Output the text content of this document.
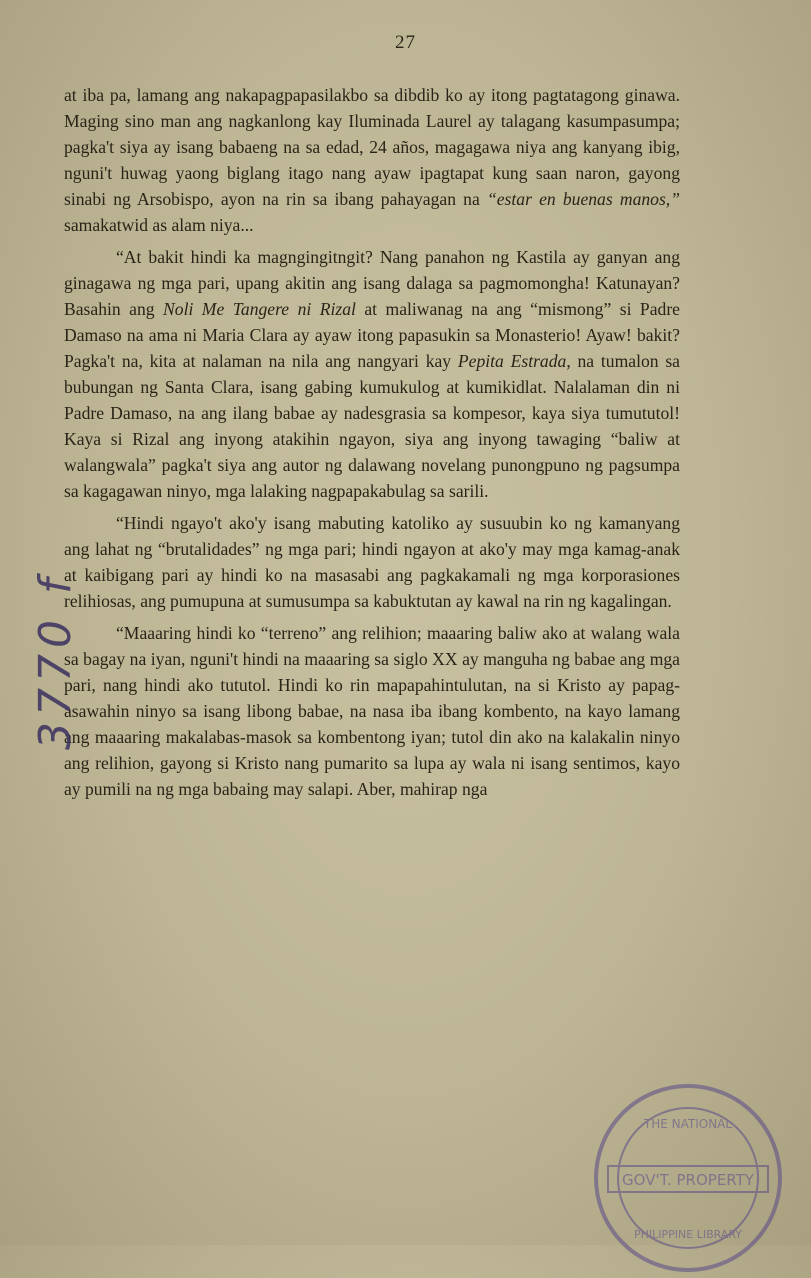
27

at iba pa, lamang ang nakapagpapasilakbo sa dibdib ko ay itong pagtatagong ginawa. Maging sino man ang nagkanlong kay Iluminada Laurel ay talagang kasumpasumpa; pagka't siya ay isang babaeng na sa edad, 24 años, magagawa niya ang kanyang ibig, nguni't huwag yaong biglang itago nang ayaw ipagtapat kung saan naron, gayong sinabi ng Arsobispo, ayon na rin sa ibang pahayagan na “estar en buenas manos,” samakatwid as alam niya...

“At bakit hindi ka magngingitngit? Nang panahon ng Kastila ay ganyan ang ginagawa ng mga pari, upang akitin ang isang dalaga sa pagmomongha! Katunayan? Basahin ang Noli Me Tangere ni Rizal at maliwanag na ang “mismong” si Padre Damaso na ama ni Maria Clara ay ayaw itong papasukin sa Monasterio! Ayaw! bakit? Pagka't na, kita at nalaman na nila ang nangyari kay Pepita Estrada, na tumalon sa bubungan ng Santa Clara, isang gabing kumukulog at kumikidlat. Nalalaman din ni Padre Damaso, na ang ilang babae ay nadesgrasia sa kompesor, kaya siya tumututol! Kaya si Rizal ang inyong atakihin ngayon, siya ang inyong tawaging “baliw at walangwala” pagka't siya ang autor ng dalawang novelang punongpuno ng pagsumpa sa kagagawan ninyo, mga lalaking nagpapakabulag sa sarili.

“Hindi ngayo't ako'y isang mabuting katoliko ay susuubin ko ng kamanyang ang lahat ng “brutalidades” ng mga pari; hindi ngayon at ako'y may mga kamag-anak at kaibigang pari ay hindi ko na masasabi ang pagkakamali ng mga korporasiones relihiosas, ang pumupuna at sumusumpa sa kabuktutan ay kawal na rin ng kagalingan.

“Maaaring hindi ko “terreno” ang relihion; maaaring baliw ako at walang wala sa bagay na iyan, nguni't hindi na maaaring sa siglo XX ay manguha ng babae ang mga pari, nang hindi ako tututol. Hindi ko rin mapapahintulutan, na si Kristo ay papag-asawahin ninyo sa isang libong babae, na nasa iba ibang kombento, na kayo lamang ang maaaring makalabas-masok sa kombentong iyan; tutol din ako na kalakalin ninyo ang relihion, gayong si Kristo nang pumarito sa lupa ay wala ni isang sentimos, kayo ay pumili na ng mga babaing may salapi. Aber, mahirap nga

3770 f
GOV'T. PROPERTY
THE NATIONAL
PHILIPPINE LIBRARY
